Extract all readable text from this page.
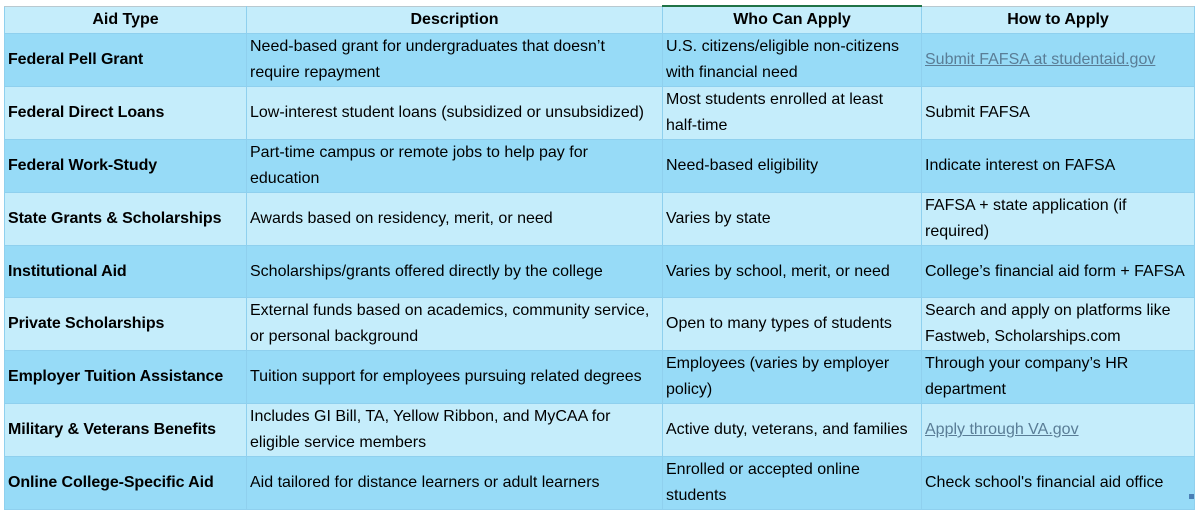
Aid Type	Description	Who Can Apply	How to Apply
Federal Pell Grant	Need-based grant for undergraduates that doesn’t require repayment	U.S. citizens/eligible non-citizens with financial need	Submit FAFSA at studentaid.gov
Federal Direct Loans	Low-interest student loans (subsidized or unsubsidized)	Most students enrolled at least half-time	Submit FAFSA
Federal Work-Study	Part-time campus or remote jobs to help pay for education	Need-based eligibility	Indicate interest on FAFSA
State Grants & Scholarships	Awards based on residency, merit, or need	Varies by state	FAFSA + state application (if required)
Institutional Aid	Scholarships/grants offered directly by the college	Varies by school, merit, or need	College’s financial aid form + FAFSA
Private Scholarships	External funds based on academics, community service, or personal background	Open to many types of students	Search and apply on platforms like Fastweb, Scholarships.com
Employer Tuition Assistance	Tuition support for employees pursuing related degrees	Employees (varies by employer policy)	Through your company’s HR department
Military & Veterans Benefits	Includes GI Bill, TA, Yellow Ribbon, and MyCAA for eligible service members	Active duty, veterans, and families	Apply through VA.gov
Online College-Specific Aid	Aid tailored for distance learners or adult learners	Enrolled or accepted online students	Check school's financial aid office
